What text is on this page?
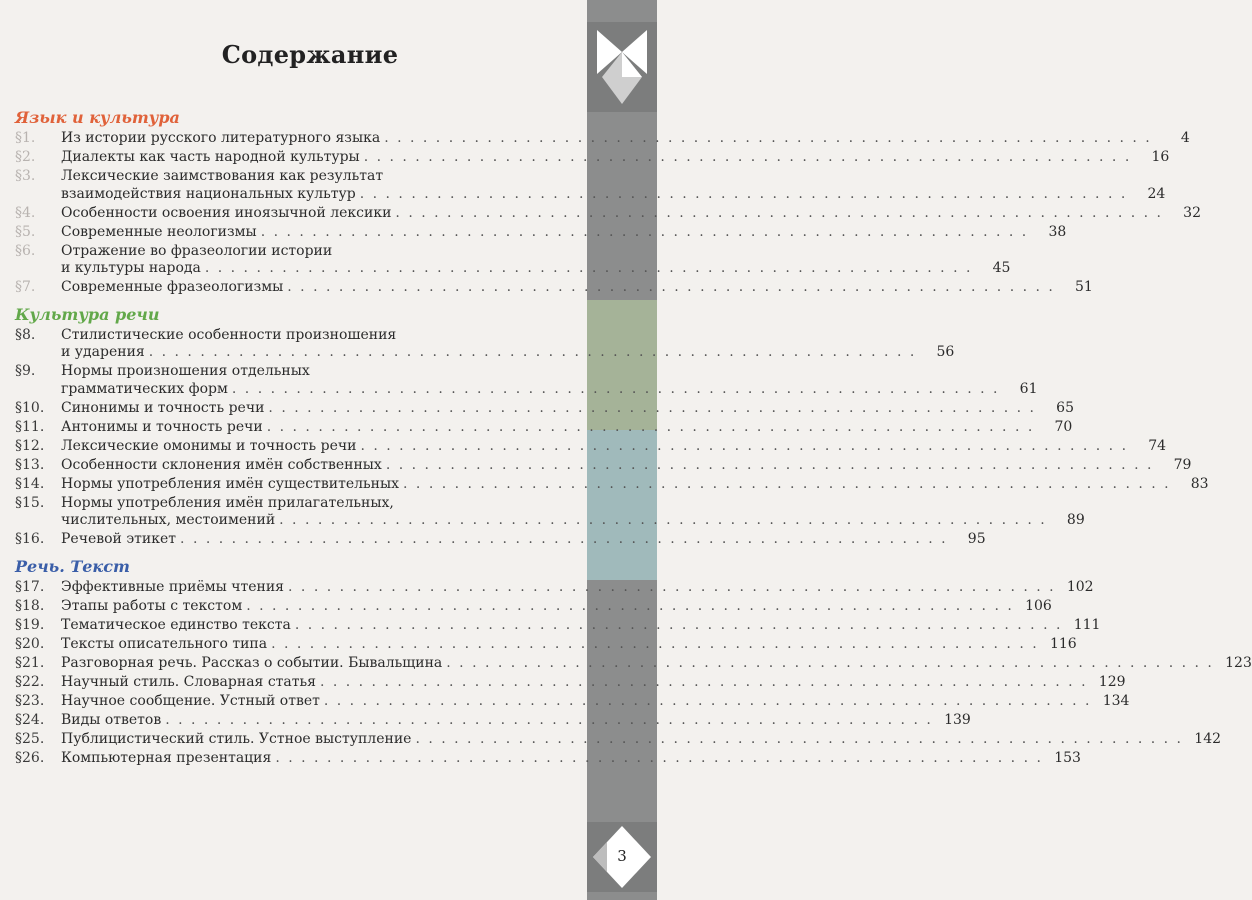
3
Содержание
Язык и культура
§1.	Из истории русского литературного языка . . . . . . . . . . . . . . . . . . . . . . . . . . . . . . . . . . . . . . . . . . . . . . . . . . . . . . . . . . . .	4
§2.	Диалекты как часть народной культуры . . . . . . . . . . . . . . . . . . . . . . . . . . . . . . . . . . . . . . . . . . . . . . . . . . . . . . . . . . . .	16
§3.	Лексические заимствования как результат
взаимодействия национальных культур . . . . . . . . . . . . . . . . . . . . . . . . . . . . . . . . . . . . . . . . . . . . . . . . . . . . . . . . . . . .	24
§4.	Особенности освоения иноязычной лексики . . . . . . . . . . . . . . . . . . . . . . . . . . . . . . . . . . . . . . . . . . . . . . . . . . . . . . . . . . . .	32
§5.	Современные неологизмы . . . . . . . . . . . . . . . . . . . . . . . . . . . . . . . . . . . . . . . . . . . . . . . . . . . . . . . . . . . .	38
§6.	Отражение во фразеологии истории
и культуры народа . . . . . . . . . . . . . . . . . . . . . . . . . . . . . . . . . . . . . . . . . . . . . . . . . . . . . . . . . . . .	45
§7.	Современные фразеологизмы . . . . . . . . . . . . . . . . . . . . . . . . . . . . . . . . . . . . . . . . . . . . . . . . . . . . . . . . . . . .	51
Культура речи
§8.	Стилистические особенности произношения
и ударения . . . . . . . . . . . . . . . . . . . . . . . . . . . . . . . . . . . . . . . . . . . . . . . . . . . . . . . . . . . .	56
§9.	Нормы произношения отдельных
грамматических форм . . . . . . . . . . . . . . . . . . . . . . . . . . . . . . . . . . . . . . . . . . . . . . . . . . . . . . . . . . . .	61
§10.	Синонимы и точность речи . . . . . . . . . . . . . . . . . . . . . . . . . . . . . . . . . . . . . . . . . . . . . . . . . . . . . . . . . . . .	65
§11.	Антонимы и точность речи . . . . . . . . . . . . . . . . . . . . . . . . . . . . . . . . . . . . . . . . . . . . . . . . . . . . . . . . . . . .	70
§12.	Лексические омонимы и точность речи . . . . . . . . . . . . . . . . . . . . . . . . . . . . . . . . . . . . . . . . . . . . . . . . . . . . . . . . . . . .	74
§13.	Особенности склонения имён собственных . . . . . . . . . . . . . . . . . . . . . . . . . . . . . . . . . . . . . . . . . . . . . . . . . . . . . . . . . . . .	79
§14.	Нормы употребления имён существительных . . . . . . . . . . . . . . . . . . . . . . . . . . . . . . . . . . . . . . . . . . . . . . . . . . . . . . . . . . . .	83
§15.	Нормы употребления имён прилагательных,
числительных, местоимений . . . . . . . . . . . . . . . . . . . . . . . . . . . . . . . . . . . . . . . . . . . . . . . . . . . . . . . . . . . .	89
§16.	Речевой этикет . . . . . . . . . . . . . . . . . . . . . . . . . . . . . . . . . . . . . . . . . . . . . . . . . . . . . . . . . . . .	95
Речь. Текст
§17.	Эффективные приёмы чтения . . . . . . . . . . . . . . . . . . . . . . . . . . . . . . . . . . . . . . . . . . . . . . . . . . . . . . . . . . . . 102
§18.	Этапы работы с текстом . . . . . . . . . . . . . . . . . . . . . . . . . . . . . . . . . . . . . . . . . . . . . . . . . . . . . . . . . . . . 106
§19.	Тематическое единство текста . . . . . . . . . . . . . . . . . . . . . . . . . . . . . . . . . . . . . . . . . . . . . . . . . . . . . . . . . . . . 111
§20.	Тексты описательного типа . . . . . . . . . . . . . . . . . . . . . . . . . . . . . . . . . . . . . . . . . . . . . . . . . . . . . . . . . . . . 116
§21.	Разговорная речь. Рассказ о событии. Бывальщина . . . . . . . . . . . . . . . . . . . . . . . . . . . . . . . . . . . . . . . . . . . . . . . . . . . . . . . . . . . . 123
§22.	Научный стиль. Словарная статья . . . . . . . . . . . . . . . . . . . . . . . . . . . . . . . . . . . . . . . . . . . . . . . . . . . . . . . . . . . . 129
§23.	Научное сообщение. Устный ответ . . . . . . . . . . . . . . . . . . . . . . . . . . . . . . . . . . . . . . . . . . . . . . . . . . . . . . . . . . . . 134
§24.	Виды ответов . . . . . . . . . . . . . . . . . . . . . . . . . . . . . . . . . . . . . . . . . . . . . . . . . . . . . . . . . . . . 139
§25.	Публицистический стиль. Устное выступление . . . . . . . . . . . . . . . . . . . . . . . . . . . . . . . . . . . . . . . . . . . . . . . . . . . . . . . . . . . . 142
§26.	Компьютерная презентация . . . . . . . . . . . . . . . . . . . . . . . . . . . . . . . . . . . . . . . . . . . . . . . . . . . . . . . . . . . . 153
